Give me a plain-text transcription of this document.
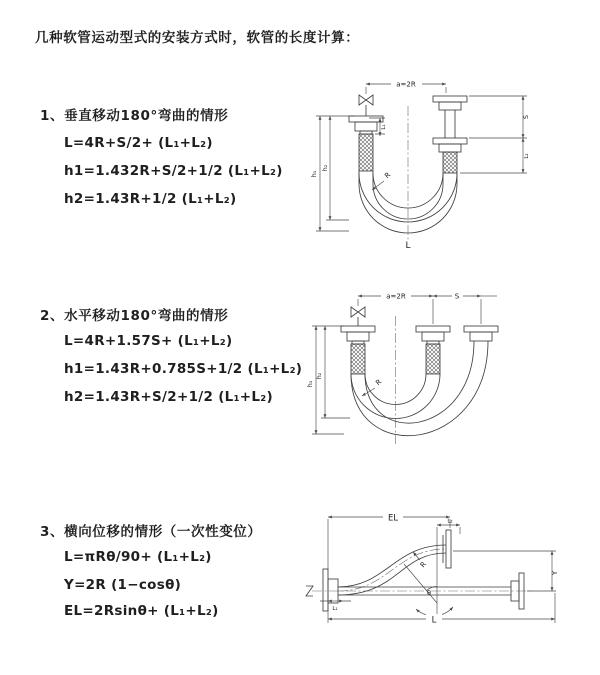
几种软管运动型式的安装方式时，软管的长度计算：
1、垂直移动180°弯曲的情形
L=4R+S/2+ (L₁+L₂)
h1=1.432R+S/2+1/2 (L₁+L₂)
h2=1.43R+1/2 (L₁+L₂)
2、水平移动180°弯曲的情形
L=4R+1.57S+ (L₁+L₂)
h1=1.43R+0.785S+1/2 (L₁+L₂)
h2=1.43R+S/2+1/2 (L₁+L₂)
3、横向位移的情形（一次性变位）
L=πRθ/90+ (L₁+L₂)
Y=2R (1−cosθ)
EL=2Rsinθ+ (L₁+L₂)
a=2R
L₁
S
L₂
h₁
h₂
R
L
a=2R	S
h₁
h₂
R
EL	L₂
Y
L
L₁
R
θ
